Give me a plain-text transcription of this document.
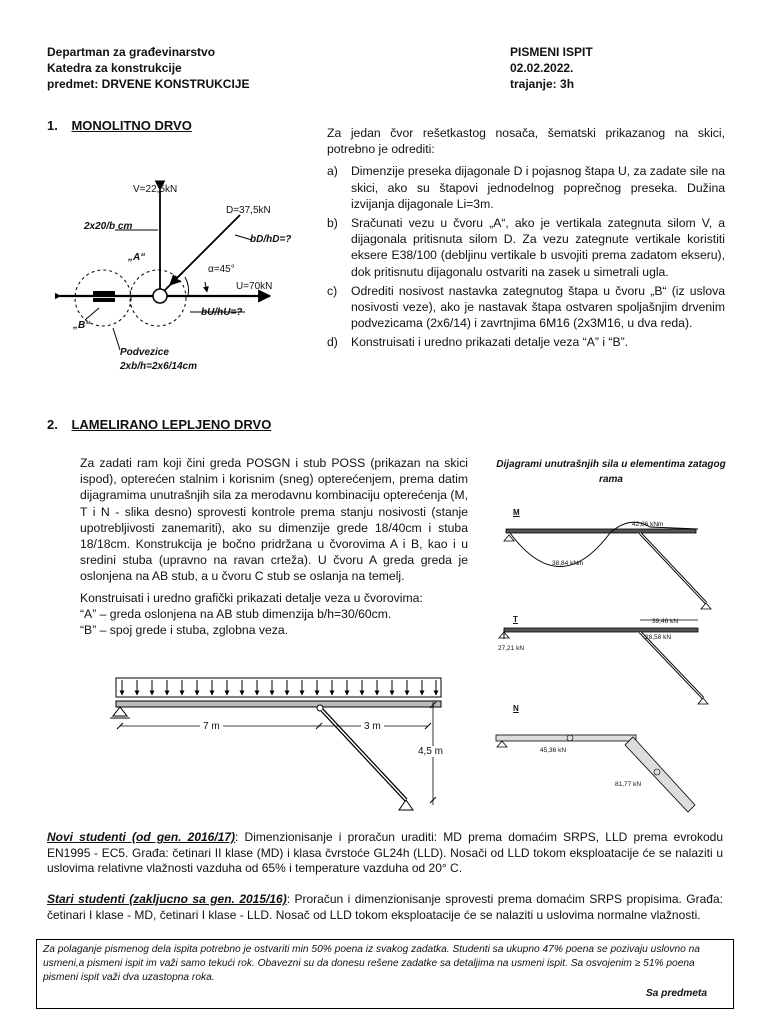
Departman za građevinarstvo
Katedra za konstrukcije
predmet: DRVENE KONSTRUKCIJE
PISMENI ISPIT
02.02.2022.
trajanje: 3h
1. MONOLITNO DRVO
V=22,5kN
D=37,5kN
2x20/b cm
bD/hD=?
„A“
α=45°
U=70kN
bU/hU=?
„B“
Podvezice
2xb/h=2x6/14cm
Za jedan čvor rešetkastog nosača, šematski prikazanog na skici, potrebno je odrediti:
a) Dimenzije preseka dijagonale D i pojasnog štapa U, za zadate sile na skici, ako su štapovi jednodelnog poprečnog preseka. Dužina izvijanja dijagonale Li=3m.
b) Sračunati vezu u čvoru „A“, ako je vertikala zategnuta silom V, a dijagonala pritisnuta silom D. Za vezu zategnute vertikale koristiti eksere E38/100 (debljinu vertikale b usvojiti prema zadatom ekseru), dok pritisnutu dijagonalu ostvariti na zasek u simetrali ugla.
c) Odrediti nosivost nastavka zategnutog štapa u čvoru „B“ (iz uslova nosivosti veze), ako je nastavak štapa ostvaren spoljašnjim drvenim podvezicama (2x6/14) i zavrtnjima 6M16 (2x3M16, u dva reda).
d) Konstruisati i uredno prikazati detalje veza “A” i “B”.
2. LAMELIRANO LEPLJENO DRVO
Za zadati ram koji čini greda POSGN i stub POSS (prikazan na skici ispod), opterećen stalnim i korisnim (sneg) opterećenjem, prema datim dijagramima unutrašnjih sila za merodavnu kombinaciju opterećenja (M, T i N - slika desno) sprovesti kontrole prema stanju nosivosti (stanje upotrebljivosti zanemariti), ako su dimenzije grede 18/40cm i stuba 18/18cm. Konstrukcija je bočno pridržana u čvorovima A i B, kao i u sredini stuba (upravno na ravan crteža). U čvoru A greda greda je oslonjena na AB stub, a u čvoru C stub se oslanja na temelj.
Konstruisati i uredno grafički prikazati detalje veza u čvorovima:
“A” – greda oslonjena na AB stub dimenzija b/h=30/60cm.
“B” – spoj grede i stuba, zglobna veza.
7 m	3 m
4,5 m
Dijagrami unutrašnjih sila u elementima zatagog rama
M
42,86 kNm
38,84 kNm
T	39,46 kN
28,58 kN
27,21 kN
N
45,36 kN
81,77 kN
Novi studenti (od gen. 2016/17): Dimenzionisanje i proračun uraditi: MD prema domaćim SRPS, LLD prema evrokodu EN1995 - EC5. Građa: četinari II klase (MD) i klasa čvrstoće GL24h (LLD). Nosači od LLD tokom eksploatacije će se nalaziti u uslovima relativne vlažnosti vazduha od 65% i temperature vazduha od 20° C.
Stari studenti (zakljucno sa gen. 2015/16): Proračun i dimenzionisanje sprovesti prema domaćim SRPS propisima. Građa: četinari I klase - MD, četinari I klase - LLD. Nosač od LLD tokom eksploatacije će se nalaziti u uslovima normalne vlažnosti.
Za polaganje pismenog dela ispita potrebno je ostvariti min 50% poena iz svakog zadatka. Studenti sa ukupno 47% poena se pozivaju uslovno na usmeni,a pismeni ispit im važi samo tekući rok. Obavezni su da donesu rešene zadatke sa detaljima na usmeni ispit. Sa osvojenim ≥ 51% poena pismeni ispit važi dva uzastopna roka.
Sa predmeta
